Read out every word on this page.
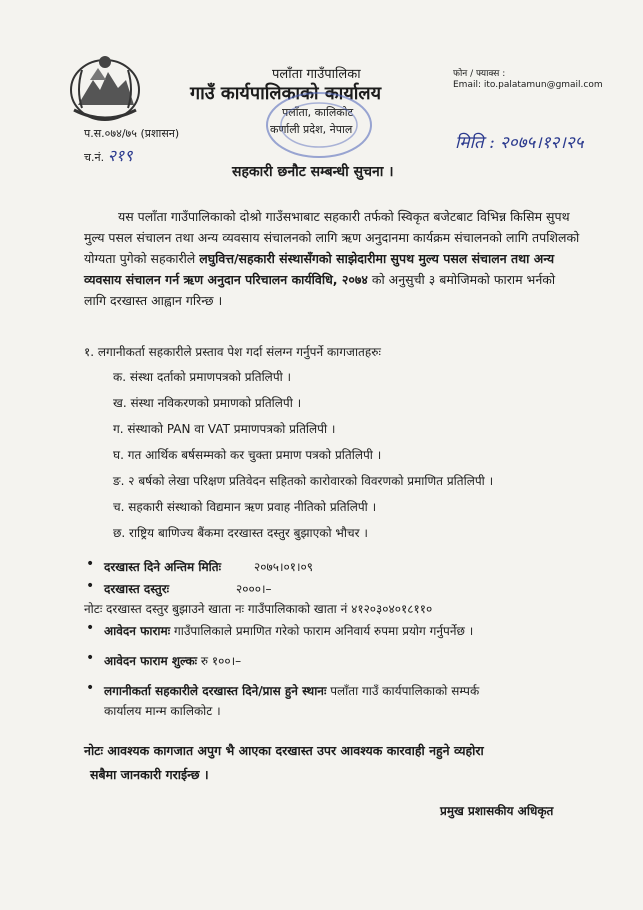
पलाँता गाउँपालिका
गाउँ कार्यपालिकाको कार्यालय
पलाँता, कालिकोट
कर्णाली प्रदेश, नेपाल
फोन / फ्याक्स :
Email: ito.palatamun@gmail.com
प.स.०७४/७५ (प्रशासन)
च.नं. २१९
मिति : २०७५।१२।२५
सहकारी छनौट सम्बन्धी सुचना ।
यस पलाँता गाउँपालिकाको दोश्रो गाउँसभाबाट सहकारी तर्फको स्विकृत बजेटबाट विभिन्न किसिम सुपथ मुल्य पसल संचालन तथा अन्य व्यवसाय संचालनको लागि ऋण अनुदानमा कार्यक्रम संचालनको लागि तपशिलको योग्यता पुगेको सहकारीले लघुवित्त/सहकारी संस्थासँगको साझेदारीमा सुपथ मुल्य पसल संचालन तथा अन्य व्यवसाय संचालन गर्न ऋण अनुदान परिचालन कार्यविधि, २०७४ को अनुसुची ३ बमोजिमको फाराम भर्नको लागि दरखास्त आह्वान गरिन्छ ।
१. लगानीकर्ता सहकारीले प्रस्ताव पेश गर्दा संलग्न गर्नुपर्ने कागजातहरुः
क. संस्था दर्ताको प्रमाणपत्रको प्रतिलिपी ।
ख. संस्था नविकरणको प्रमाणको प्रतिलिपी ।
ग. संस्थाको PAN वा VAT प्रमाणपत्रको प्रतिलिपी ।
घ. गत आर्थिक बर्षसम्मको कर चुक्ता प्रमाण पत्रको प्रतिलिपी ।
ङ. २ बर्षको लेखा परिक्षण प्रतिवेदन सहितको कारोवारको विवरणको प्रमाणित प्रतिलिपी ।
च. सहकारी संस्थाको विद्यमान ऋण प्रवाह नीतिको प्रतिलिपी ।
छ. राष्ट्रिय बाणिज्य बैंकमा दरखास्त दस्तुर बुझाएको भौचर ।
• दरखास्त दिने अन्तिम मितिः	२०७५।०१।०९
• दरखास्त दस्तुरः	२०००।–
नोटः दरखास्त दस्तुर बुझाउने खाता नः गाउँपालिकाको खाता नं ४१२०३०४०१८११०
• आवेदन फारामः गाउँपालिकाले प्रमाणित गरेको फाराम अनिवार्य रुपमा प्रयोग गर्नुपर्नेछ ।
• आवेदन फाराम शुल्कः रु १००।–
• लगानीकर्ता सहकारीले दरखास्त दिने/प्रास हुने स्थानः पलाँता गाउँ कार्यपालिकाको सम्पर्क
कार्यालय मान्म कालिकोट ।
नोटः आवश्यक कागजात अपुग भै आएका दरखास्त उपर आवश्यक कारवाही नहुने व्यहोरा
सबैमा जानकारी गराईन्छ ।
प्रमुख प्रशासकीय अधिकृत
